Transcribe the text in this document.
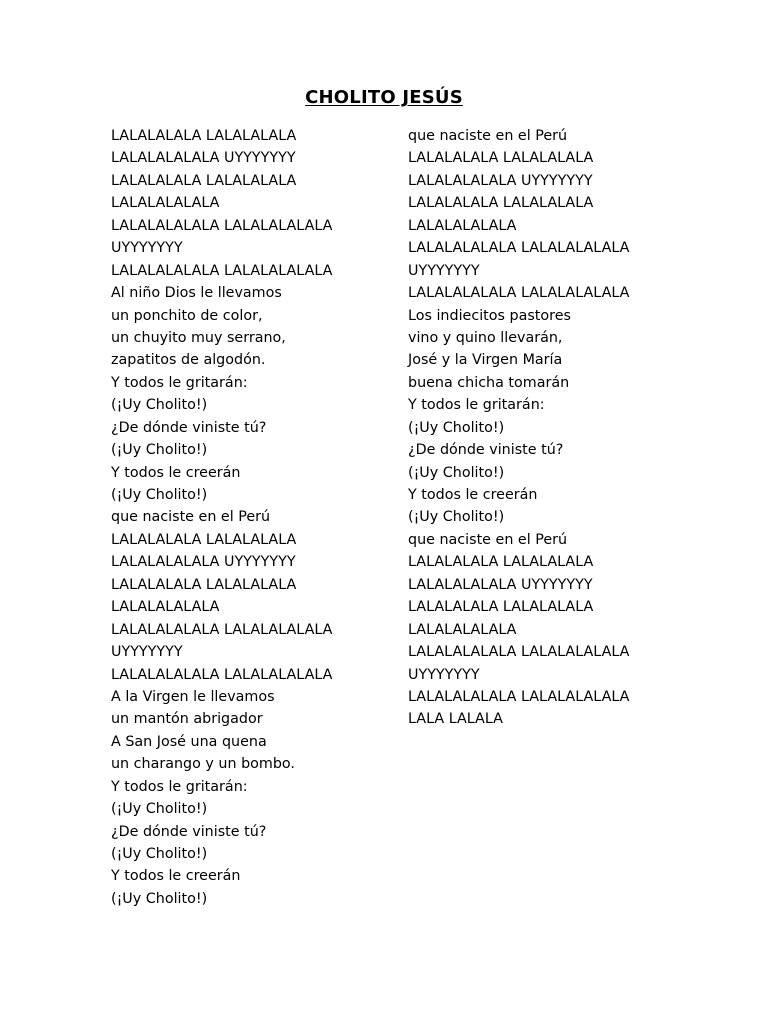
CHOLITO JESÚS
LALALALALA LALALALALA
LALALALALALA UYYYYYYY
LALALALALA LALALALALA
LALALALALALA
LALALALALALA LALALALALALA
UYYYYYYY
LALALALALALA LALALALALALA
Al niño Dios le llevamos
un ponchito de color,
un chuyito muy serrano,
zapatitos de algodón.
Y todos le gritarán:
(¡Uy Cholito!)
¿De dónde viniste tú?
(¡Uy Cholito!)
Y todos le creerán
(¡Uy Cholito!)
que naciste en el Perú
LALALALALA LALALALALA
LALALALALALA UYYYYYYY
LALALALALA LALALALALA
LALALALALALA
LALALALALALA LALALALALALA
UYYYYYYY
LALALALALALA LALALALALALA
A la Virgen le llevamos
un mantón abrigador
A San José una quena
un charango y un bombo.
Y todos le gritarán:
(¡Uy Cholito!)
¿De dónde viniste tú?
(¡Uy Cholito!)
Y todos le creerán
(¡Uy Cholito!)
que naciste en el Perú
LALALALALA LALALALALA
LALALALALALA UYYYYYYY
LALALALALA LALALALALA
LALALALALALA
LALALALALALA LALALALALALA
UYYYYYYY
LALALALALALA LALALALALALA
Los indiecitos pastores
vino y quino llevarán,
José y la Virgen María
buena chicha tomarán
Y todos le gritarán:
(¡Uy Cholito!)
¿De dónde viniste tú?
(¡Uy Cholito!)
Y todos le creerán
(¡Uy Cholito!)
que naciste en el Perú
LALALALALA LALALALALA
LALALALALALA UYYYYYYY
LALALALALA LALALALALA
LALALALALALA
LALALALALALA LALALALALALA
UYYYYYYY
LALALALALALA LALALALALALA
LALA LALALA
